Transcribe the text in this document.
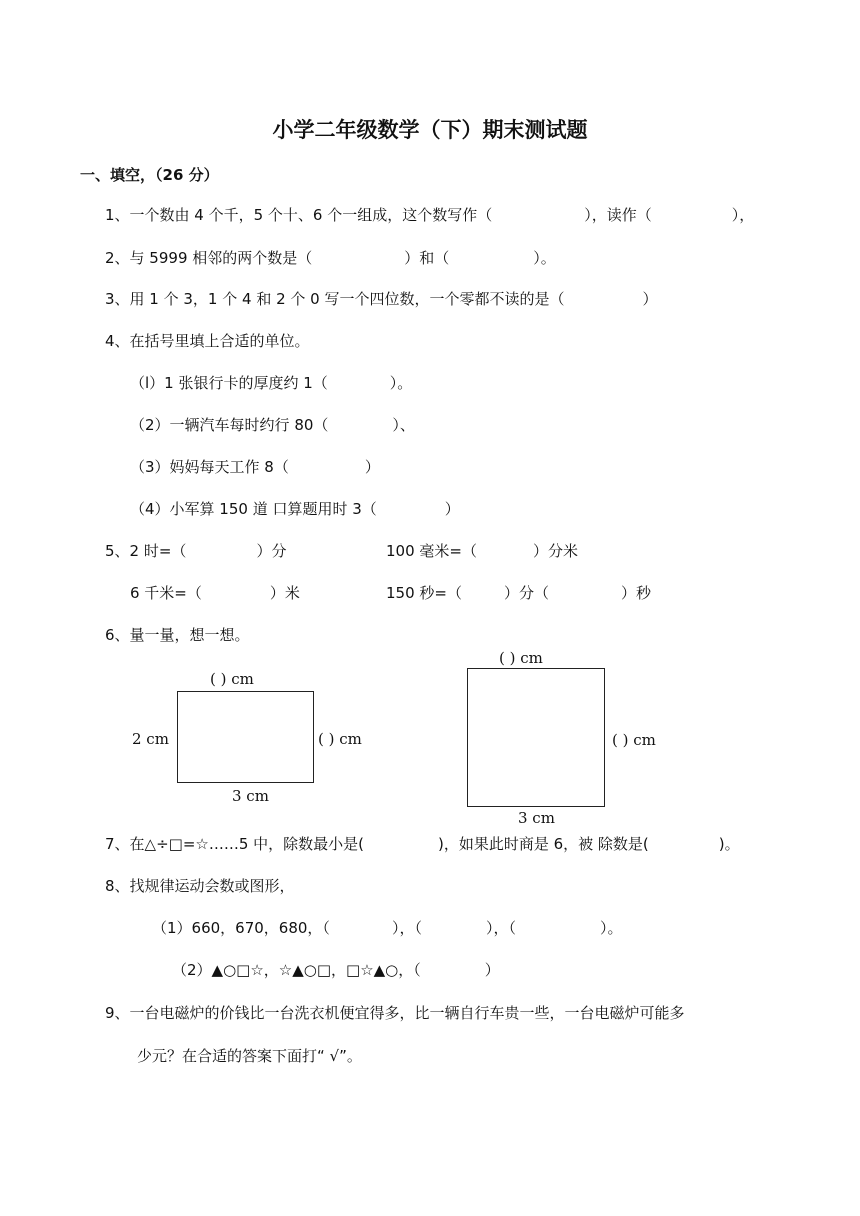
小学二年级数学（下）期末测试题
一、填空，（26 分）
1、一个数由 4 个千，5 个十、6 个一组成，这个数写作（	），读作（	），
2、与 5999 相邻的两个数是（	）和（	）。
3、用 1 个 3，1 个 4 和 2 个 0 写一个四位数，一个零都不读的是（	）
4、在括号里填上合适的单位。
（l）1 张银行卡的厚度约 1（	）。
（2）一辆汽车每时约行 80（	）、
（3）妈妈每天工作 8（	）
（4）小军算 150 道 口算题用时 3（	）
5、2 时=（	）分	100 毫米=（	）分米
6 千米=（	）米	150 秒=（	）分（	）秒
6、量一量，想一想。
( ) cm
2 cm	( ) cm
3 cm
( ) cm
( ) cm
3 cm
7、在△÷□=☆……5 中，除数最小是(	)，如果此时商是 6，被 除数是(	)。
8、找规律运动会数或图形，
（1）660，670，680，（	），（	），（	）。
（2）▲○□☆，☆▲○□，□☆▲○，（	）
9、一台电磁炉的价钱比一台洗衣机便宜得多，比一辆自行车贵一些，一台电磁炉可能多
少元？在合适的答案下面打“ √”。
